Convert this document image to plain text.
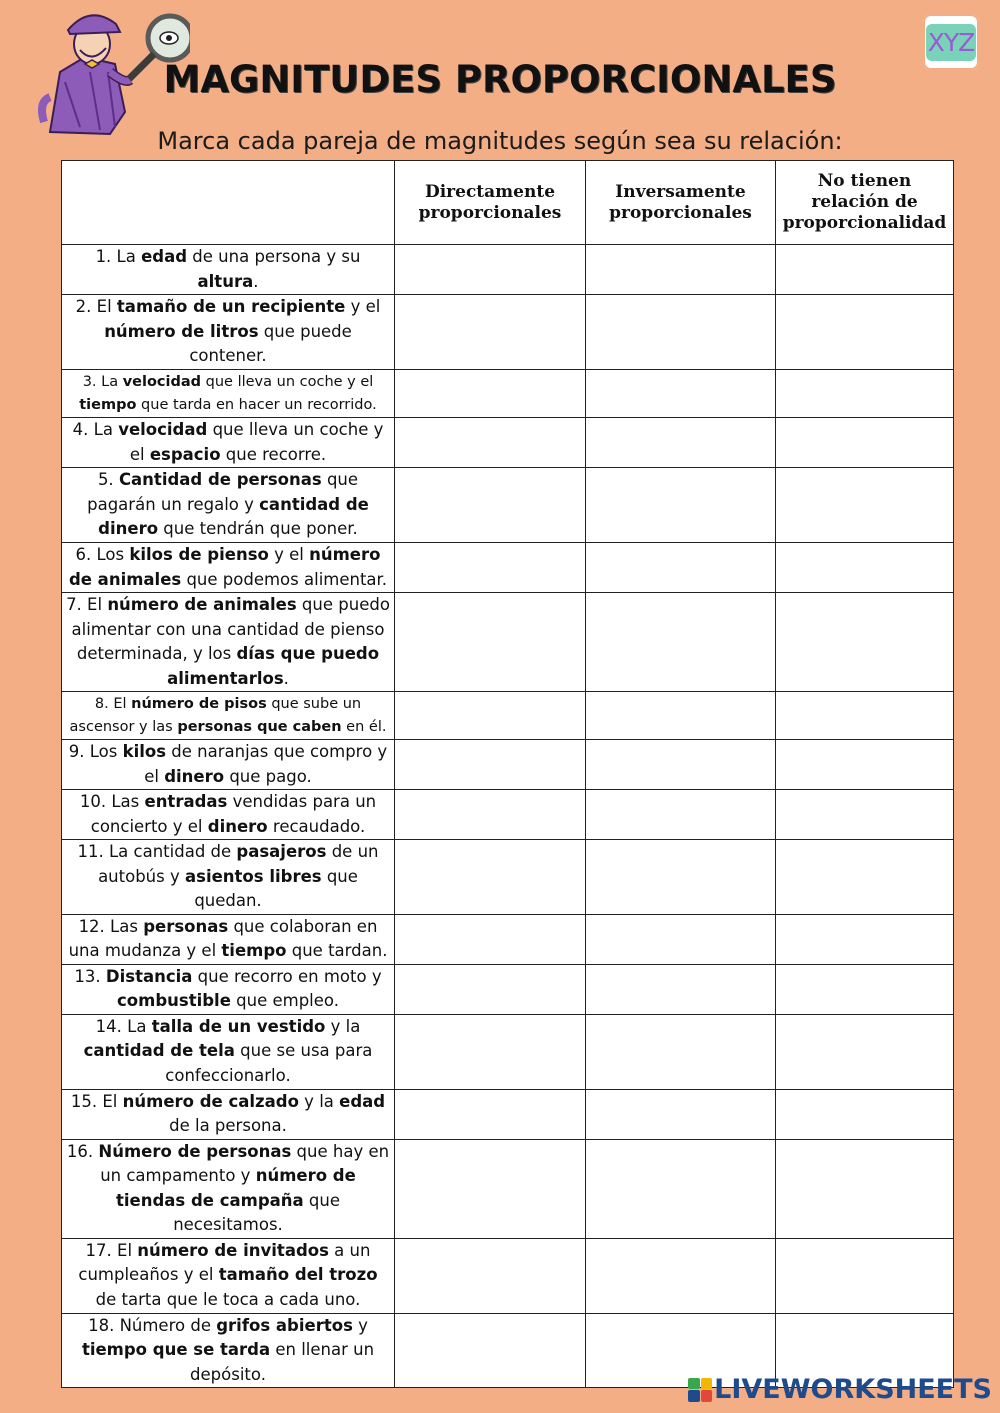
XYZ
MAGNITUDES PROPORCIONALES
Marca cada pareja de magnitudes según sea su relación:
	Directamente proporcionales	Inversamente proporcionales	No tienen relación de proporcionalidad
1. La edad de una persona y su altura.			
2. El tamaño de un recipiente y el número de litros que puede contener.			
3. La velocidad que lleva un coche y el tiempo que tarda en hacer un recorrido.			
4. La velocidad que lleva un coche y el espacio que recorre.			
5. Cantidad de personas que pagarán un regalo y cantidad de dinero que tendrán que poner.			
6. Los kilos de pienso y el número de animales que podemos alimentar.			
7. El número de animales que puedo alimentar con una cantidad de pienso determinada, y los días que puedo alimentarlos.			
8. El número de pisos que sube un ascensor y las personas que caben en él.			
9. Los kilos de naranjas que compro y el dinero que pago.			
10. Las entradas vendidas para un concierto y el dinero recaudado.			
11. La cantidad de pasajeros de un autobús y asientos libres que quedan.			
12. Las personas que colaboran en una mudanza y el tiempo que tardan.			
13. Distancia que recorro en moto y combustible que empleo.			
14. La talla de un vestido y la cantidad de tela que se usa para confeccionarlo.			
15. El número de calzado y la edad de la persona.			
16. Número de personas que hay en un campamento y número de tiendas de campaña que necesitamos.			
17. El número de invitados a un cumpleaños y el tamaño del trozo de tarta que le toca a cada uno.			
18. Número de grifos abiertos y tiempo que se tarda en llenar un depósito.				LIVEWORKSHEETS
